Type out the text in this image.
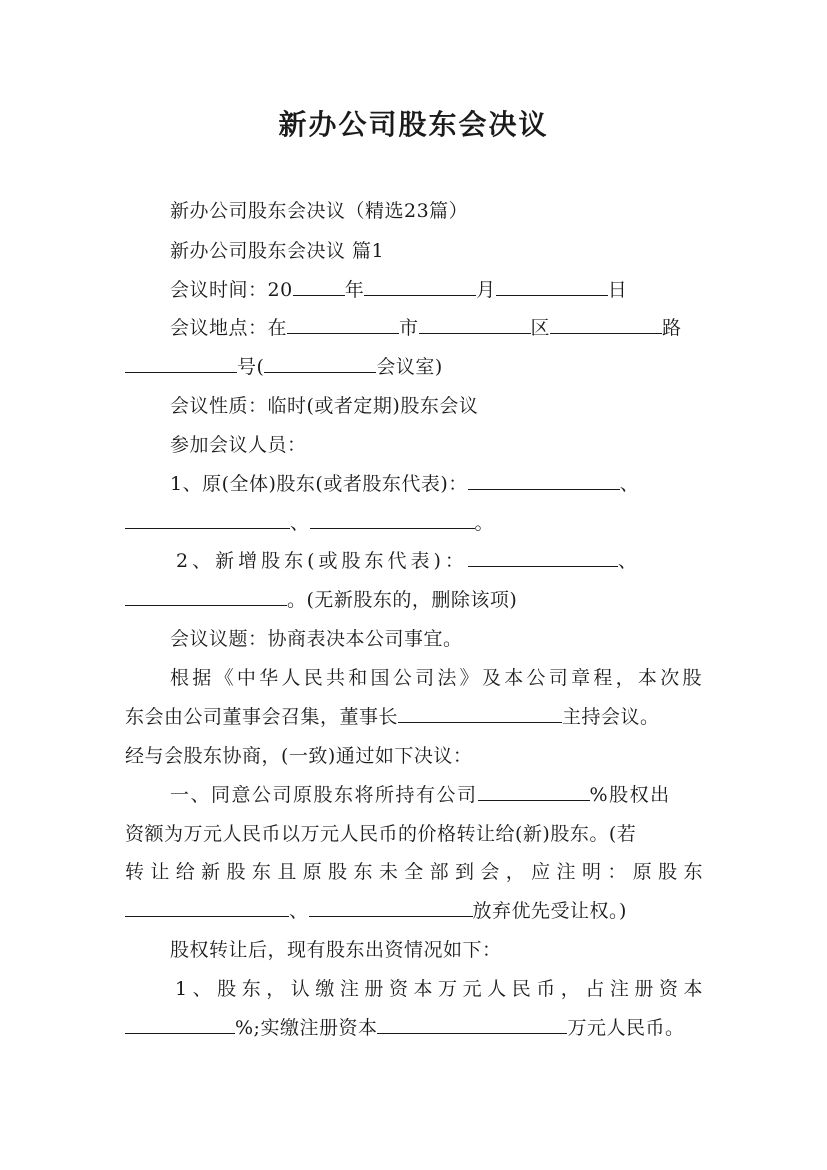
新办公司股东会决议
新办公司股东会决议（精选23篇）
新办公司股东会决议 篇1
会议时间：20	年	月	日
会议地点：在	市	区	路
号(	会议室)
会议性质：临时(或者定期)股东会议
参加会议人员：
1、原(全体)股东(或者股东代表)：	、
、	。
2、新增股东(或股东代表)：	、
。(无新股东的，删除该项)
会议议题：协商表决本公司事宜。
根据《中华人民共和国公司法》及本公司章程，本次股
东会由公司董事会召集，董事长	主持会议。
经与会股东协商，(一致)通过如下决议：
一、同意公司原股东将所持有公司	%股权出
资额为万元人民币以万元人民币的价格转让给(新)股东。(若
转让给新股东且原股东未全部到会，应注明：原股东
、	放弃优先受让权。)
股权转让后，现有股东出资情况如下：
1、股东，认缴注册资本万元人民币，占注册资本
%;实缴注册资本	万元人民币。
